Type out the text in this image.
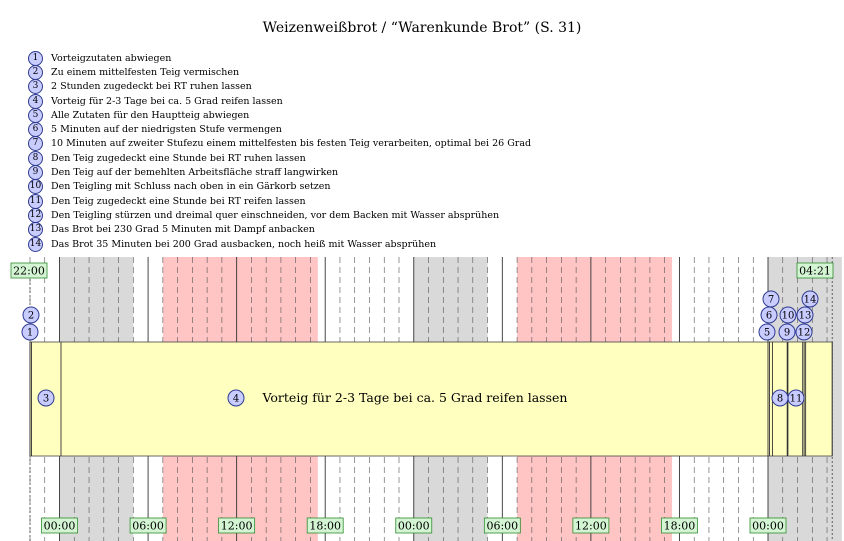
Weizenweißbrot / “Warenkunde Brot” (S. 31)
1	Vorteigzutaten abwiegen
2	Zu einem mittelfesten Teig vermischen
3	2 Stunden zugedeckt bei RT ruhen lassen
4	Vorteig für 2-3 Tage bei ca. 5 Grad reifen lassen
5	Alle Zutaten für den Hauptteig abwiegen
6	5 Minuten auf der niedrigsten Stufe vermengen
7	10 Minuten auf zweiter Stufezu einem mittelfesten bis festen Teig verarbeiten, optimal bei 26 Grad
8	Den Teig zugedeckt eine Stunde bei RT ruhen lassen
9	Den Teig auf der bemehlten Arbeitsfläche straff langwirken
10 Den Teigling mit Schluss nach oben in ein Gärkorb setzen
11 Den Teig zugedeckt eine Stunde bei RT reifen lassen
12 Den Teigling stürzen und dreimal quer einschneiden, vor dem Backen mit Wasser absprühen
13 Das Brot bei 230 Grad 5 Minuten mit Dampf anbacken
14 Das Brot 35 Minuten bei 200 Grad ausbacken, noch heiß mit Wasser absprühen
1
2
3	4
5
6
7
8
9
10
11
12
13
14
Vorteig für 2-3 Tage bei ca. 5 Grad reifen lassen
22:00	04:21
00:00	06:00	12:00	18:00	00:00	06:00	12:00	18:00	00:00
